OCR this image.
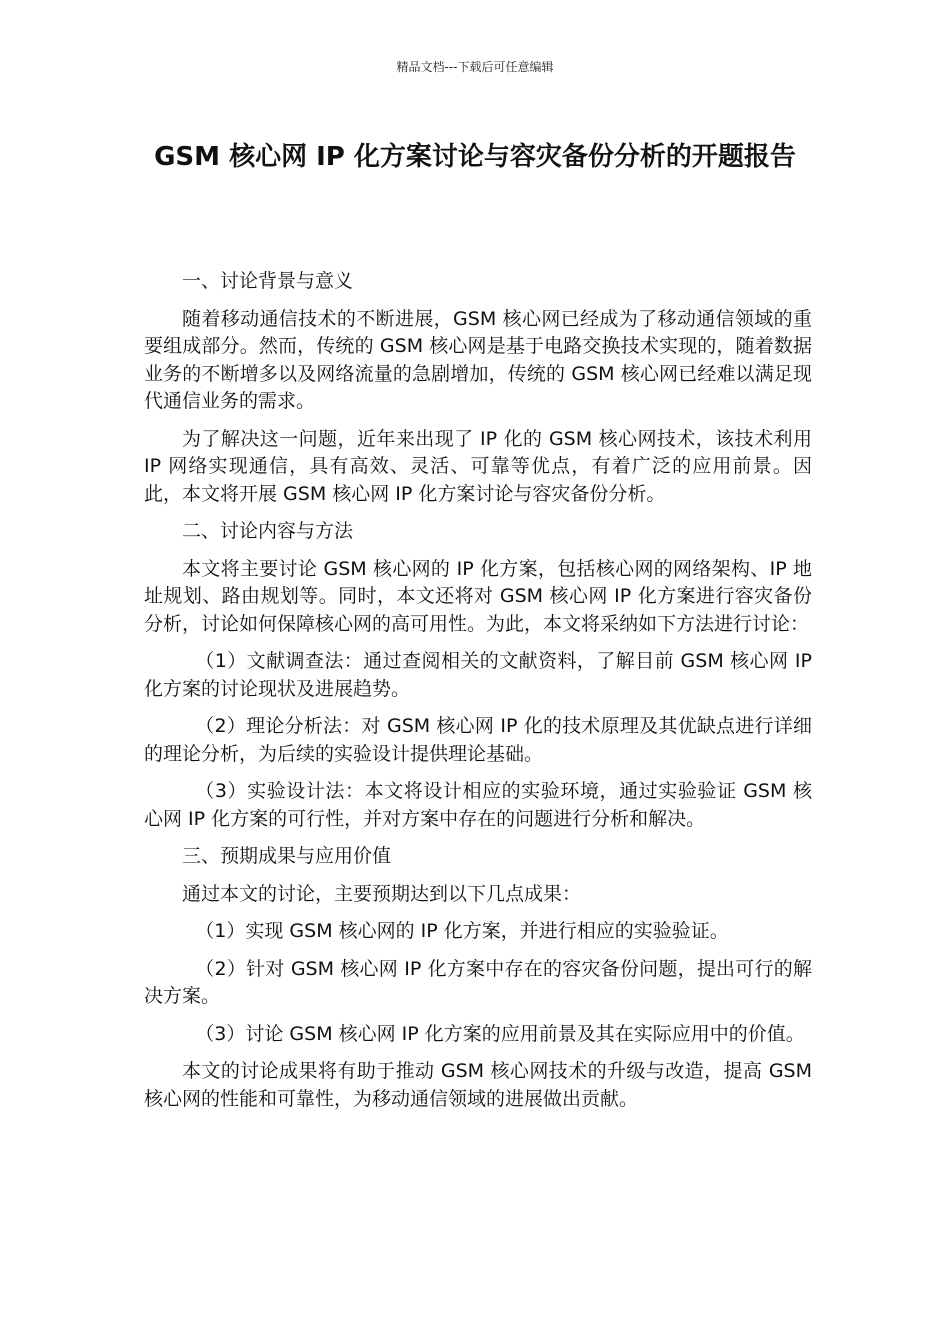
精品文档---下载后可任意编辑
GSM 核心网 IP 化方案讨论与容灾备份分析的开题报告

一、讨论背景与意义

随着移动通信技术的不断进展，GSM 核心网已经成为了移动通信领域的重要组成部分。然而，传统的 GSM 核心网是基于电路交换技术实现的，随着数据业务的不断增多以及网络流量的急剧增加，传统的 GSM 核心网已经难以满足现代通信业务的需求。

为了解决这一问题，近年来出现了 IP 化的 GSM 核心网技术，该技术利用 IP 网络实现通信，具有高效、灵活、可靠等优点，有着广泛的应用前景。因此，本文将开展 GSM 核心网 IP 化方案讨论与容灾备份分析。

二、讨论内容与方法

本文将主要讨论 GSM 核心网的 IP 化方案，包括核心网的网络架构、IP 地址规划、路由规划等。同时，本文还将对 GSM 核心网 IP 化方案进行容灾备份分析，讨论如何保障核心网的高可用性。为此，本文将采纳如下方法进行讨论：

（1）文献调查法：通过查阅相关的文献资料，了解目前 GSM 核心网 IP 化方案的讨论现状及进展趋势。

（2）理论分析法：对 GSM 核心网 IP 化的技术原理及其优缺点进行详细的理论分析，为后续的实验设计提供理论基础。

（3）实验设计法：本文将设计相应的实验环境，通过实验验证 GSM 核心网 IP 化方案的可行性，并对方案中存在的问题进行分析和解决。

三、预期成果与应用价值

通过本文的讨论，主要预期达到以下几点成果：

（1）实现 GSM 核心网的 IP 化方案，并进行相应的实验验证。

（2）针对 GSM 核心网 IP 化方案中存在的容灾备份问题，提出可行的解决方案。

（3）讨论 GSM 核心网 IP 化方案的应用前景及其在实际应用中的价值。

本文的讨论成果将有助于推动 GSM 核心网技术的升级与改造，提高 GSM 核心网的性能和可靠性，为移动通信领域的进展做出贡献。
